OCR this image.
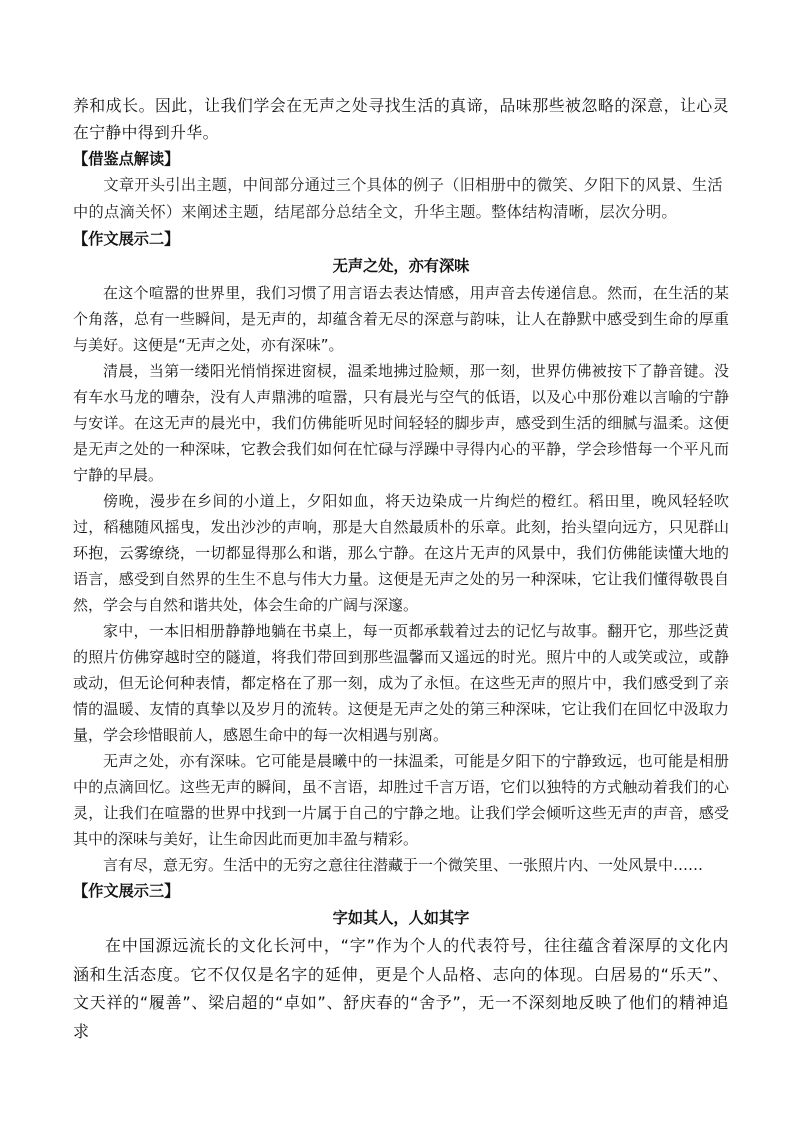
养和成长。因此，让我们学会在无声之处寻找生活的真谛，品味那些被忽略的深意，让心灵在宁静中得到升华。

【借鉴点解读】

文章开头引出主题，中间部分通过三个具体的例子（旧相册中的微笑、夕阳下的风景、生活中的点滴关怀）来阐述主题，结尾部分总结全文，升华主题。整体结构清晰，层次分明。

【作文展示二】

无声之处，亦有深味

在这个喧嚣的世界里，我们习惯了用言语去表达情感，用声音去传递信息。然而，在生活的某个角落，总有一些瞬间，是无声的，却蕴含着无尽的深意与韵味，让人在静默中感受到生命的厚重与美好。这便是“无声之处，亦有深味”。

清晨，当第一缕阳光悄悄探进窗棂，温柔地拂过脸颊，那一刻，世界仿佛被按下了静音键。没有车水马龙的嘈杂，没有人声鼎沸的喧嚣，只有晨光与空气的低语，以及心中那份难以言喻的宁静与安详。在这无声的晨光中，我们仿佛能听见时间轻轻的脚步声，感受到生活的细腻与温柔。这便是无声之处的一种深味，它教会我们如何在忙碌与浮躁中寻得内心的平静，学会珍惜每一个平凡而宁静的早晨。

傍晚，漫步在乡间的小道上，夕阳如血，将天边染成一片绚烂的橙红。稻田里，晚风轻轻吹过，稻穗随风摇曳，发出沙沙的声响，那是大自然最质朴的乐章。此刻，抬头望向远方，只见群山环抱，云雾缭绕，一切都显得那么和谐，那么宁静。在这片无声的风景中，我们仿佛能读懂大地的语言，感受到自然界的生生不息与伟大力量。这便是无声之处的另一种深味，它让我们懂得敬畏自然，学会与自然和谐共处，体会生命的广阔与深邃。

家中，一本旧相册静静地躺在书桌上，每一页都承载着过去的记忆与故事。翻开它，那些泛黄的照片仿佛穿越时空的隧道，将我们带回到那些温馨而又遥远的时光。照片中的人或笑或泣，或静或动，但无论何种表情，都定格在了那一刻，成为了永恒。在这些无声的照片中，我们感受到了亲情的温暖、友情的真挚以及岁月的流转。这便是无声之处的第三种深味，它让我们在回忆中汲取力量，学会珍惜眼前人，感恩生命中的每一次相遇与别离。

无声之处，亦有深味。它可能是晨曦中的一抹温柔，可能是夕阳下的宁静致远，也可能是相册中的点滴回忆。这些无声的瞬间，虽不言语，却胜过千言万语，它们以独特的方式触动着我们的心灵，让我们在喧嚣的世界中找到一片属于自己的宁静之地。让我们学会倾听这些无声的声音，感受其中的深味与美好，让生命因此而更加丰盈与精彩。

言有尽，意无穷。生活中的无穷之意往往潜藏于一个微笑里、一张照片内、一处风景中……

【作文展示三】

字如其人，人如其字

在中国源远流长的文化长河中，“字”作为个人的代表符号，往往蕴含着深厚的文化内涵和生活态度。它不仅仅是名字的延伸，更是个人品格、志向的体现。白居易的“乐天”、文天祥的“履善”、梁启超的“卓如”、舒庆春的“舍予”，无一不深刻地反映了他们的精神追求
